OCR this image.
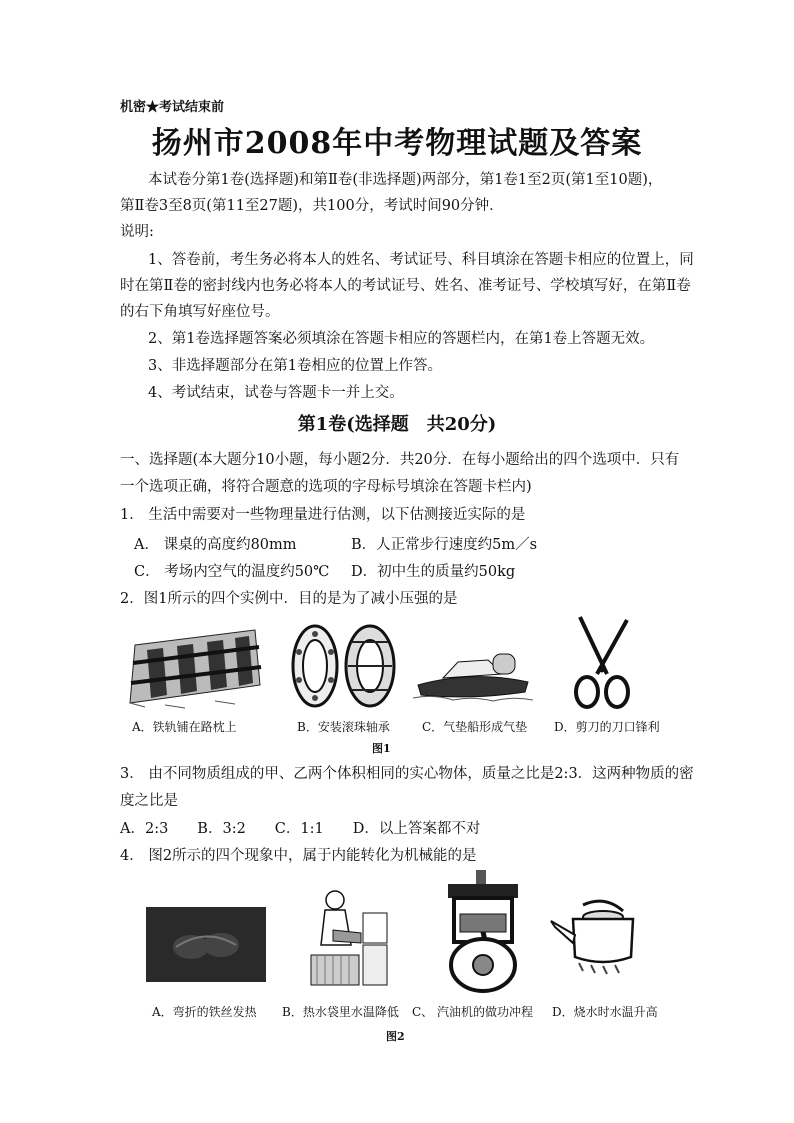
机密★考试结束前
扬州市2008年中考物理试题及答案
本试卷分第1卷(选择题)和第Ⅱ卷(非选择题)两部分，第1卷1至2页(第1至10题)，
第Ⅱ卷3至8页(第11至27题)，共100分，考试时间90分钟．
说明:
1、答卷前，考生务必将本人的姓名、考试证号、科目填涂在答题卡相应的位置上，同
时在第Ⅱ卷的密封线内也务必将本人的考试证号、姓名、准考证号、学校填写好，在第Ⅱ卷
的右下角填写好座位号。
2、第1卷选择题答案必须填涂在答题卡相应的答题栏内，在第1卷上答题无效。
3、非选择题部分在第1卷相应的位置上作答。
4、考试结束，试卷与答题卡一并上交。
第1卷(选择题　共20分)
一、选择题(本大题分10小题，每小题2分．共20分．在每小题给出的四个选项中．只有
一个选项正确，将符合题意的选项的字母标号填涂在答题卡栏内)
1． 生活中需要对一些物理量进行估测，以下估测接近实际的是
A． 课桌的高度约80mm	B．人正常步行速度约5m／s
C． 考场内空气的温度约50℃ D．初中生的质量约50kg
2．图1所示的四个实例中．目的是为了减小压强的是
A．铁轨铺在路枕上	B．安装滚珠轴承	C．气垫船形成气垫 D．剪刀的刀口锋利
图1
3． 由不同物质组成的甲、乙两个体积相同的实心物体，质量之比是2:3．这两种物质的密
度之比是
A．2:3　　B．3:2　　C．1:1　　D．以上答案都不对
4． 图2所示的四个现象中，属于内能转化为机械能的是
A．弯折的铁丝发热 B．热水袋里水温降低 C、 汽油机的做功冲程 D．烧水时水温升高
图2
